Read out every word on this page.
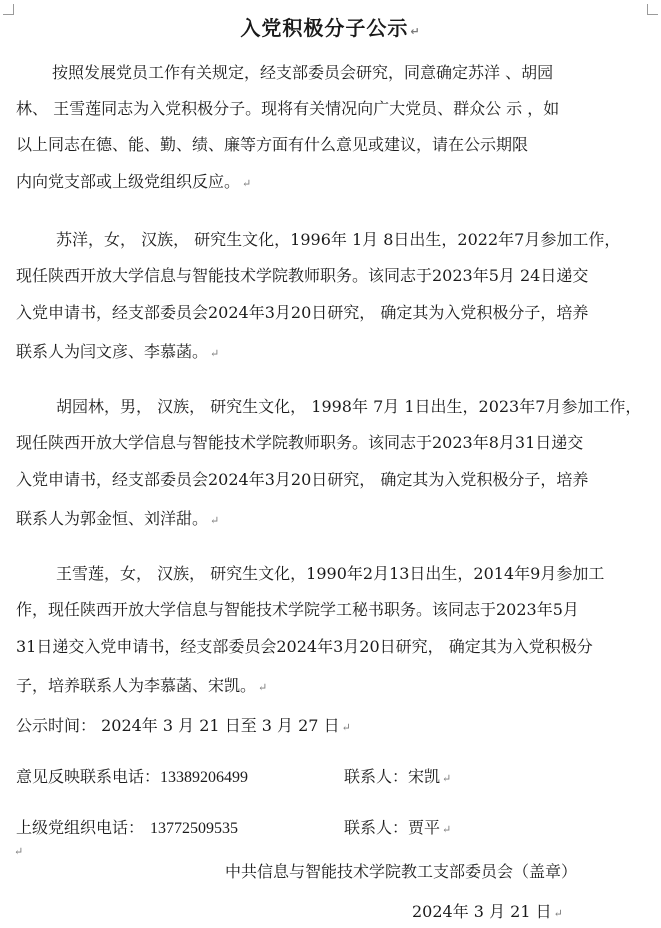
入党积极分子公示 ↵
按照发展党员工作有关规定，经支部委员会研究，同意确定苏洋 、胡园
林、 王雪莲同志为入党积极分子。现将有关情况向广大党员、群众公 示 ，如
以上同志在德、能、勤、绩、廉等方面有什么意见或建议，请在公示期限
内向党支部或上级党组织反应。 ↵
苏洋，女， 汉族， 研究生文化，1996年 1月 8日出生，2022年7月参加工作，
现任陕西开放大学信息与智能技术学院教师职务。该同志于2023年5月 24日递交
入党申请书，经支部委员会2024年3月20日研究， 确定其为入党积极分子，培养
联系人为闫文彦、李慕菡。 ↵
胡园林，男， 汉族， 研究生文化， 1998年 7月 1日出生，2023年7月参加工作，
现任陕西开放大学信息与智能技术学院教师职务。该同志于2023年8月31日递交
入党申请书，经支部委员会2024年3月20日研究， 确定其为入党积极分子，培养
联系人为郭金恒、刘洋甜。 ↵
王雪莲，女， 汉族， 研究生文化，1990年2月13日出生，2014年9月参加工
作，现任陕西开放大学信息与智能技术学院学工秘书职务。该同志于2023年5月
31日递交入党申请书，经支部委员会2024年3月20日研究， 确定其为入党积极分
子，培养联系人为李慕菡、宋凯。 ↵
公示时间： 2024年 3 月 21 日至 3 月 27 日 ↵
意见反映联系电话：13389206499	联系人：宋凯 ↵
上级党组织电话： 13772509535	联系人：贾平 ↵
↵
中共信息与智能技术学院教工支部委员会（盖章）
2024年 3 月 21 日 ↵
